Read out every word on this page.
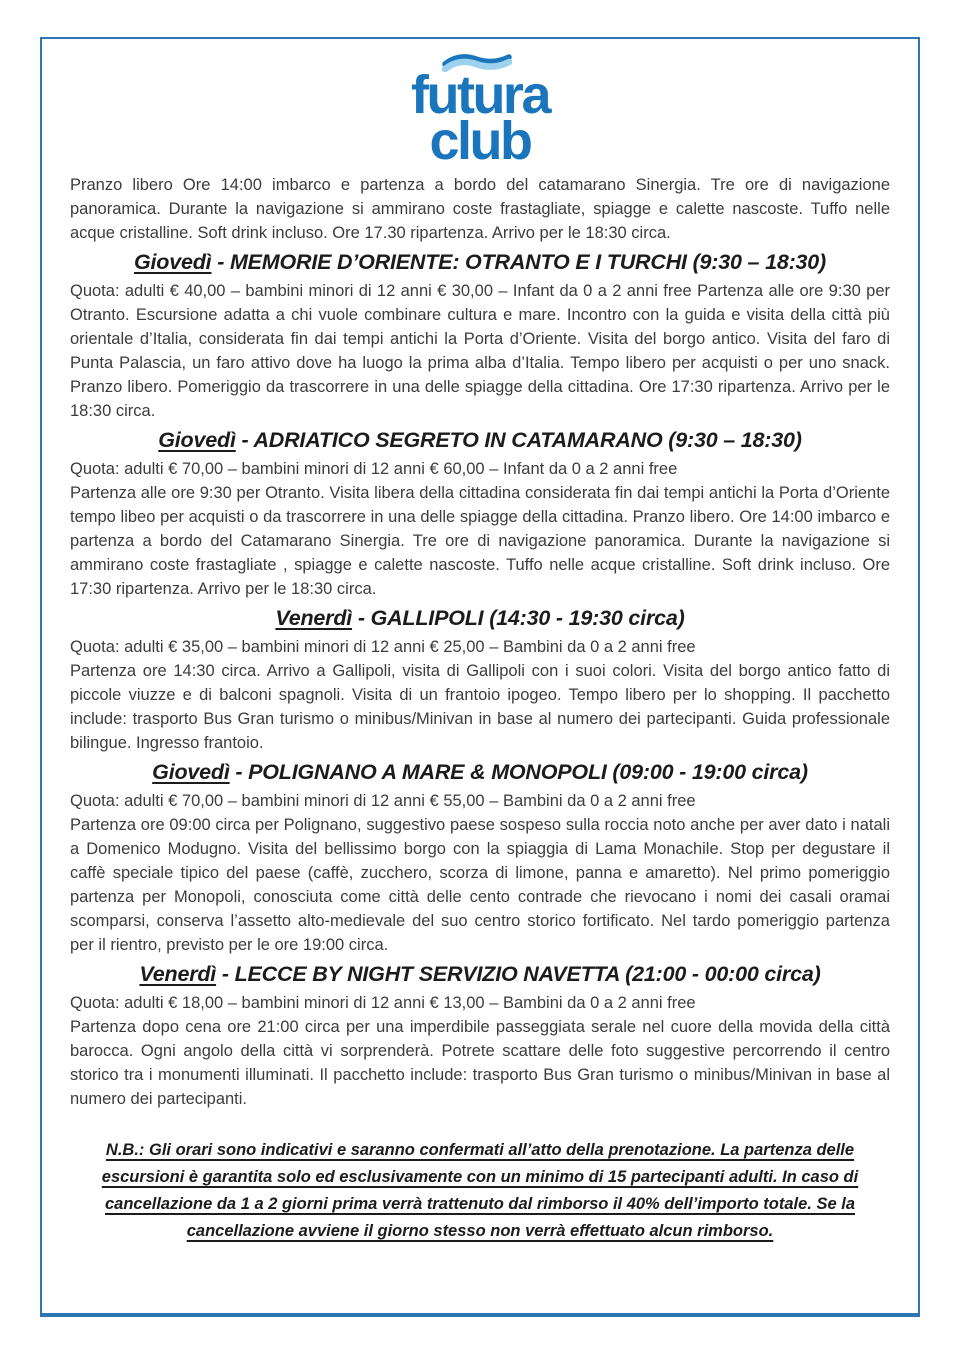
futura
club

Pranzo libero Ore 14:00 imbarco e partenza a bordo del catamarano Sinergia. Tre ore di navigazione panoramica. Durante la navigazione si ammirano coste frastagliate, spiagge e calette nascoste. Tuffo nelle acque cristalline. Soft drink incluso. Ore 17.30 ripartenza. Arrivo per le 18:30 circa.

Giovedì - MEMORIE D’ORIENTE: OTRANTO E I TURCHI (9:30 – 18:30)

Quota: adulti € 40,00 – bambini minori di 12 anni € 30,00 – Infant da 0 a 2 anni free Partenza alle ore 9:30 per Otranto. Escursione adatta a chi vuole combinare cultura e mare. Incontro con la guida e visita della città più orientale d’Italia, considerata fin dai tempi antichi la Porta d’Oriente. Visita del borgo antico. Visita del faro di Punta Palascia, un faro attivo dove ha luogo la prima alba d’Italia. Tempo libero per acquisti o per uno snack. Pranzo libero. Pomeriggio da trascorrere in una delle spiagge della cittadina. Ore 17:30 ripartenza. Arrivo per le 18:30 circa.

Giovedì - ADRIATICO SEGRETO IN CATAMARANO (9:30 – 18:30)

Quota: adulti € 70,00 – bambini minori di 12 anni € 60,00 – Infant da 0 a 2 anni free

Partenza alle ore 9:30 per Otranto. Visita libera della cittadina considerata fin dai tempi antichi la Porta d’Oriente tempo libeo per acquisti o da trascorrere in una delle spiagge della cittadina. Pranzo libero. Ore 14:00 imbarco e partenza a bordo del Catamarano Sinergia. Tre ore di navigazione panoramica. Durante la navigazione si ammirano coste frastagliate , spiagge e calette nascoste. Tuffo nelle acque cristalline. Soft drink incluso. Ore 17:30 ripartenza. Arrivo per le 18:30 circa.

Venerdì - GALLIPOLI (14:30 - 19:30 circa)

Quota: adulti € 35,00 – bambini minori di 12 anni € 25,00 – Bambini da 0 a 2 anni free

Partenza ore 14:30 circa. Arrivo a Gallipoli, visita di Gallipoli con i suoi colori. Visita del borgo antico fatto di piccole viuzze e di balconi spagnoli. Visita di un frantoio ipogeo. Tempo libero per lo shopping. Il pacchetto include: trasporto Bus Gran turismo o minibus/Minivan in base al numero dei partecipanti. Guida professionale bilingue. Ingresso frantoio.

Giovedì - POLIGNANO A MARE & MONOPOLI (09:00 - 19:00 circa)

Quota: adulti € 70,00 – bambini minori di 12 anni € 55,00 – Bambini da 0 a 2 anni free

Partenza ore 09:00 circa per Polignano, suggestivo paese sospeso sulla roccia noto anche per aver dato i natali a Domenico Modugno. Visita del bellissimo borgo con la spiaggia di Lama Monachile. Stop per degustare il caffè speciale tipico del paese (caffè, zucchero, scorza di limone, panna e amaretto). Nel primo pomeriggio partenza per Monopoli, conosciuta come città delle cento contrade che rievocano i nomi dei casali oramai scomparsi, conserva l’assetto alto-medievale del suo centro storico fortificato. Nel tardo pomeriggio partenza per il rientro, previsto per le ore 19:00 circa.

Venerdì - LECCE BY NIGHT SERVIZIO NAVETTA (21:00 - 00:00 circa)

Quota: adulti € 18,00 – bambini minori di 12 anni € 13,00 – Bambini da 0 a 2 anni free

Partenza dopo cena ore 21:00 circa per una imperdibile passeggiata serale nel cuore della movida della città barocca. Ogni angolo della città vi sorprenderà. Potrete scattare delle foto suggestive percorrendo il centro storico tra i monumenti illuminati. Il pacchetto include: trasporto Bus Gran turismo o minibus/Minivan in base al numero dei partecipanti.

N.B.: Gli orari sono indicativi e saranno confermati all’atto della prenotazione. La partenza delle escursioni è garantita solo ed esclusivamente con un minimo di 15 partecipanti adulti. In caso di cancellazione da 1 a 2 giorni prima verrà trattenuto dal rimborso il 40% dell’importo totale. Se la cancellazione avviene il giorno stesso non verrà effettuato alcun rimborso.
